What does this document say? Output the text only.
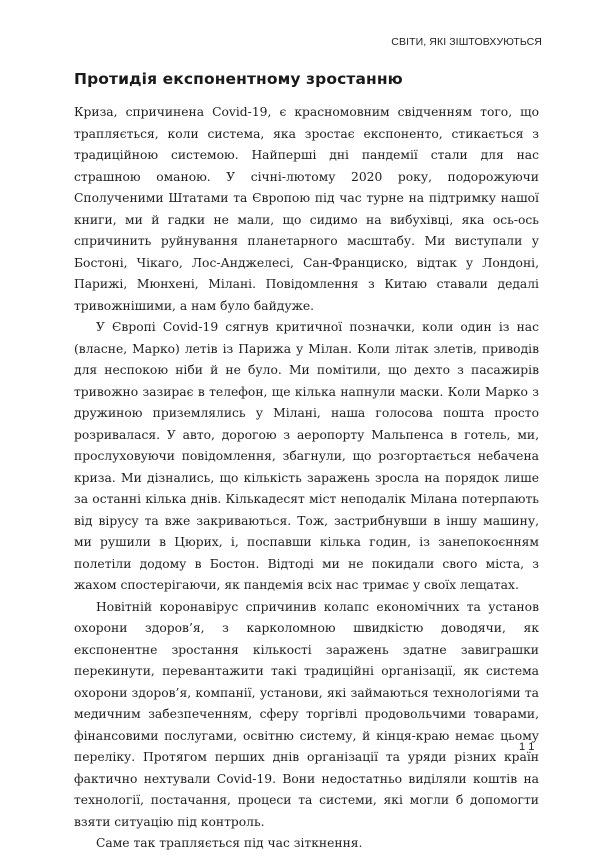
СВІТИ, ЯКІ ЗІШТОВХУЮТЬСЯ
Протидія експонентному зростанню

Криза, спричинена Covid-19, є красномовним свідченням того, що трапляється, коли система, яка зростає експоненто, стикається з традиційною системою. Найперші дні пандемії стали для нас страшною оманою. У січні-лютому 2020 року, подорожуючи Сполученими Штатами та Європою під час турне на підтримку нашої книги, ми й гадки не мали, що сидимо на вибухівці, яка ось-ось спричинить руйнування планетарного масштабу. Ми виступали у Бостоні, Чікаго, Лос-Анджелесі, Сан-Франциско, відтак у Лондоні, Парижі, Мюнхені, Мілані. Повідомлення з Китаю ставали дедалі тривожнішими, а нам було байдуже.

У Європі Covid-19 сягнув критичної позначки, коли один із нас (власне, Марко) летів із Парижа у Мілан. Коли літак злетів, приводів для неспокою ніби й не було. Ми помітили, що дехто з пасажирів тривожно зазирає в телефон, ще кілька напнули маски. Коли Марко з дружиною приземлялись у Мілані, наша голосова пошта просто розривалася. У авто, дорогою з аеропорту Мальпенса в готель, ми, прослуховуючи повідомлення, збагнули, що розгортається небачена криза. Ми дізнались, що кількість заражень зросла на порядок лише за останні кілька днів. Кількадесят міст неподалік Мілана потерпають від вірусу та вже закриваються. Тож, застрибнувши в іншу машину, ми рушили в Цюрих, і, поспавши кілька годин, із занепокоєнням полетіли додому в Бостон. Відтоді ми не покидали свого міста, з жахом спостерігаючи, як пандемія всіх нас тримає у своїх лещатах.

Новітній коронавірус спричинив колапс економічних та установ охорони здоров’я, з карколомною швидкістю доводячи, як експонентне зростання кількості заражень здатне завиграшки перекинути, перевантажити такі традиційні організації, як система охорони здоров’я, компанії, установи, які займаються технологіями та медичним забезпеченням, сферу торгівлі продовольчими товарами, фінансовими послугами, освітню систему, й кінця-краю немає цьому переліку. Протягом перших днів організації та уряди різних країн фактично нехтували Covid-19. Вони недостатньо виділяли коштів на технології, постачання, процеси та системи, які могли б допомогти взяти ситуацію під контроль.

Саме так трапляється під час зіткнення.

11
